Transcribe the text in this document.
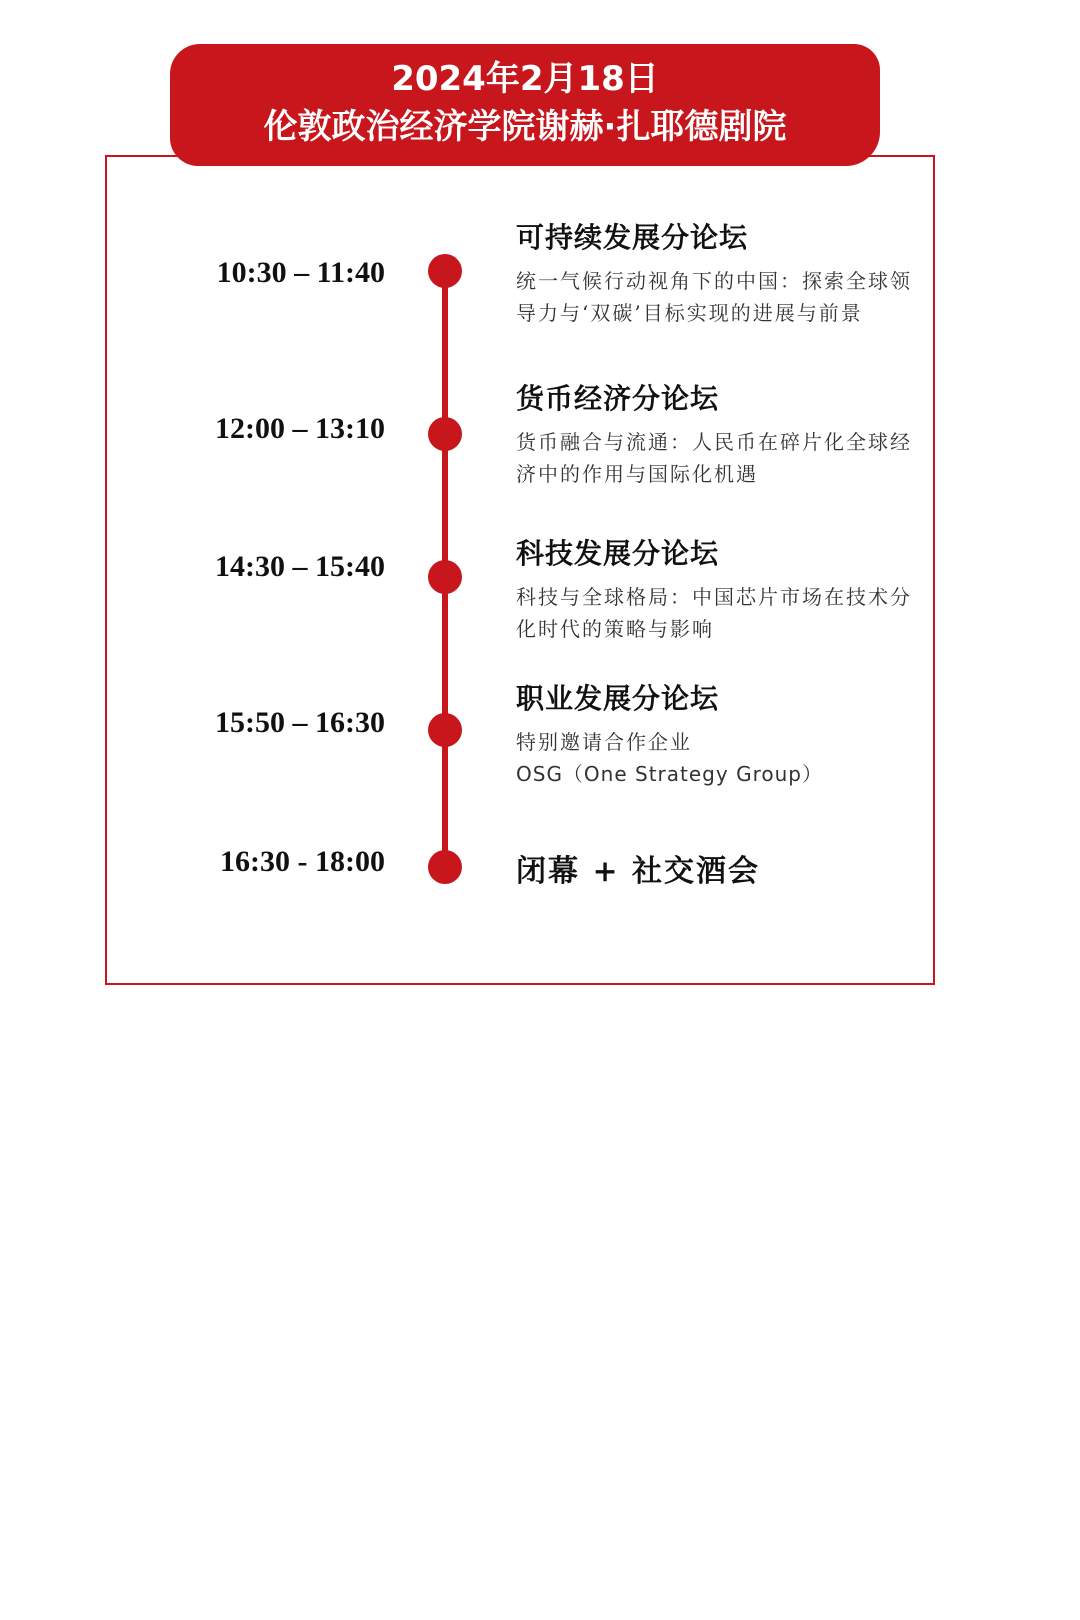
2024年2月18日
伦敦政治经济学院谢赫·扎耶德剧院
10:30 – 11:40
12:00 – 13:10
14:30 – 15:40
15:50 – 16:30
16:30 - 18:00
可持续发展分论坛
统一气候行动视角下的中国：探索全球领
导力与‘双碳’目标实现的进展与前景
货币经济分论坛
货币融合与流通：人民币在碎片化全球经
济中的作用与国际化机遇
科技发展分论坛
科技与全球格局：中国芯片市场在技术分
化时代的策略与影响
职业发展分论坛
特别邀请合作企业
OSG（One Strategy Group）
闭幕 + 社交酒会
